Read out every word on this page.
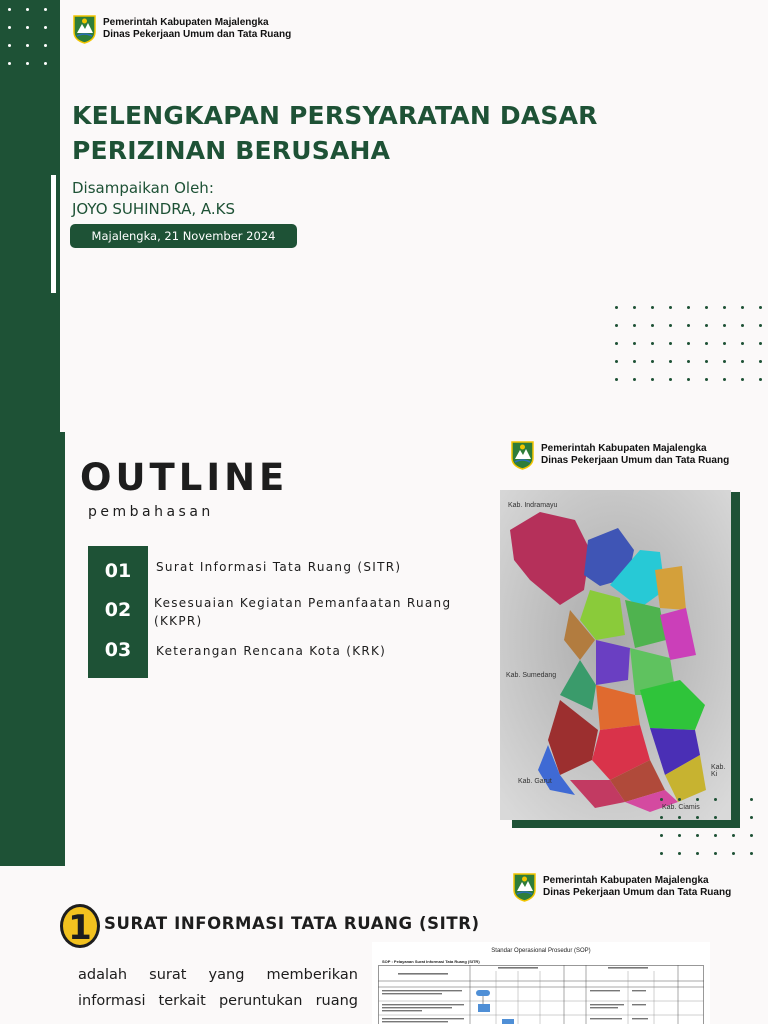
Pemerintah Kabupaten Majalengka
Dinas Pekerjaan Umum dan Tata Ruang
KELENGKAPAN PERSYARATAN DASAR
PERIZINAN BERUSAHA
Disampaikan Oleh:
JOYO SUHINDRA, A.KS
Majalengka, 21 November 2024
Pemerintah Kabupaten Majalengka
Dinas Pekerjaan Umum dan Tata Ruang
OUTLINE
pembahasan
01
02
03
Surat Informasi Tata Ruang (SITR)
Kesesuaian Kegiatan Pemanfaatan Ruang (KKPR)
Keterangan Rencana Kota (KRK)
Kab. Indramayu
Kab. Sumedang
Kab. Garut
Kab. Ciamis
Kab. Ki
Pemerintah Kabupaten Majalengka
Dinas Pekerjaan Umum dan Tata Ruang
1 SURAT INFORMASI TATA RUANG (SITR)
adalah surat yang memberikan
informasi terkait peruntukan ruang
Standar Operasional Prosedur (SOP)
SOP : Pelayanan Surat Informasi Tata Ruang (SITR)
